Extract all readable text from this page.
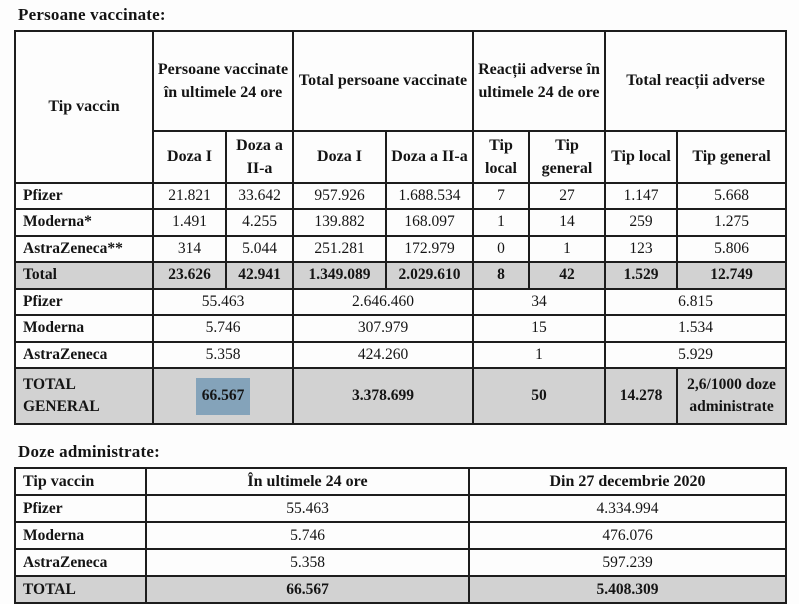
Persoane vaccinate:
Tip vaccin	Persoane vaccinate în ultimele 24 ore		Total persoane vaccinate		Reacții adverse în ultimele 24 de ore		Total reacții adverse	
	Doza I	Doza a II-a	Doza I	Doza a II-a	Tip local	Tip general	Tip local	Tip general
Pfizer	21.821	33.642	957.926	1.688.534	7	27	1.147	5.668
Moderna*	1.491	4.255	139.882	168.097	1	14	259	1.275
AstraZeneca**	314	5.044	251.281	172.979	0	1	123	5.806
Total	23.626	42.941	1.349.089	2.029.610	8	42	1.529	12.749
Pfizer	55.463		2.646.460		34		6.815	
Moderna	5.746		307.979		15		1.534	
AstraZeneca	5.358		424.260		1		5.929	
TOTAL GENERAL	66.567		3.378.699		50		14.278	2,6/1000 doze administrate
Doze administrate:
Tip vaccin	În ultimele 24 ore	Din 27 decembrie 2020
Pfizer	55.463	4.334.994
Moderna	5.746	476.076
AstraZeneca	5.358	597.239
TOTAL	66.567	5.408.309
